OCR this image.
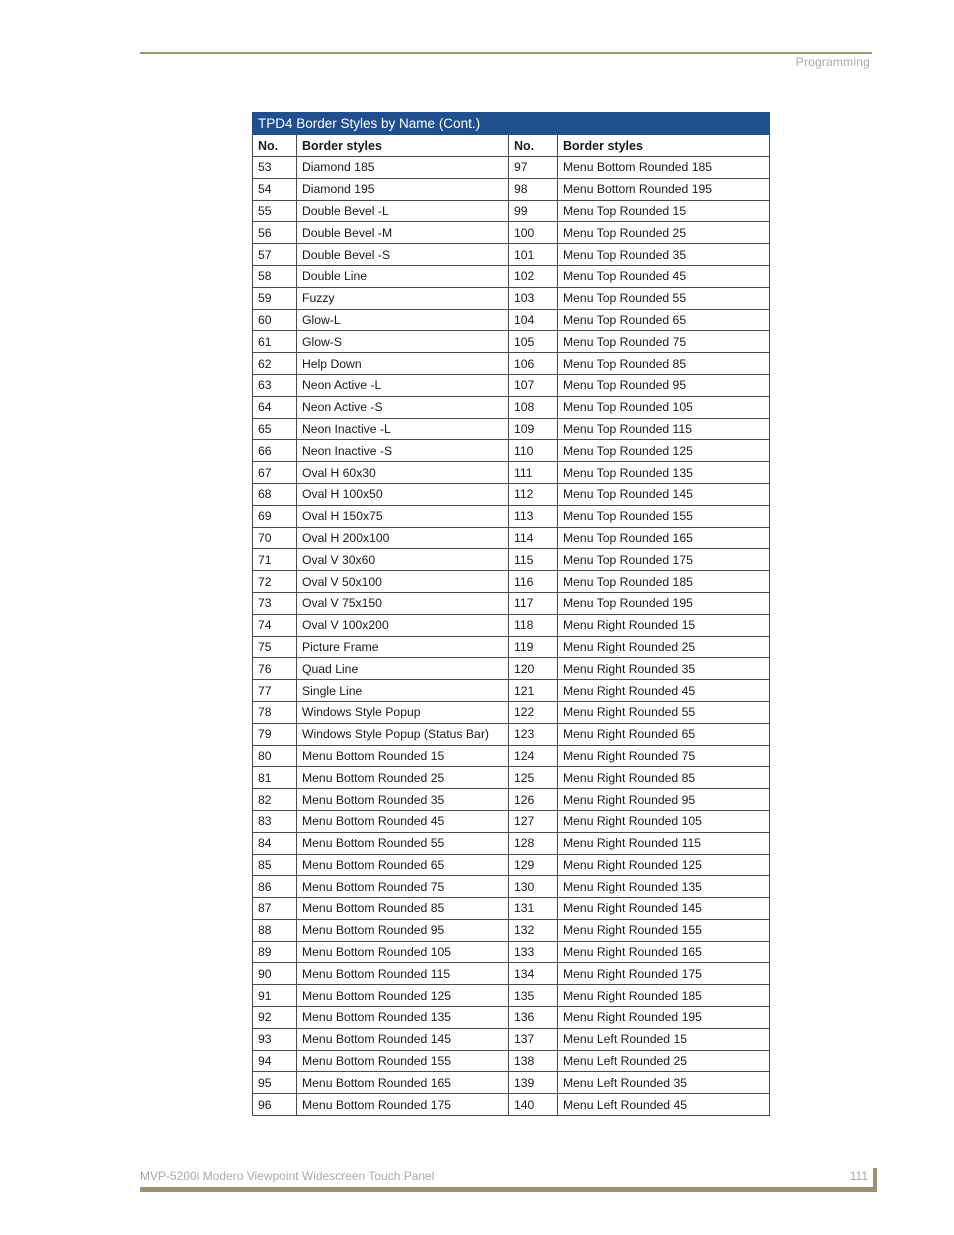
Programming
TPD4 Border Styles by Name (Cont.)			
No.	Border styles	No.	Border styles
53	Diamond 185	97	Menu Bottom Rounded 185
54	Diamond 195	98	Menu Bottom Rounded 195
55	Double Bevel -L	99	Menu Top Rounded 15
56	Double Bevel -M	100	Menu Top Rounded 25
57	Double Bevel -S	101	Menu Top Rounded 35
58	Double Line	102	Menu Top Rounded 45
59	Fuzzy	103	Menu Top Rounded 55
60	Glow-L	104	Menu Top Rounded 65
61	Glow-S	105	Menu Top Rounded 75
62	Help Down	106	Menu Top Rounded 85
63	Neon Active -L	107	Menu Top Rounded 95
64	Neon Active -S	108	Menu Top Rounded 105
65	Neon Inactive -L	109	Menu Top Rounded 115
66	Neon Inactive -S	110	Menu Top Rounded 125
67	Oval H 60x30	111	Menu Top Rounded 135
68	Oval H 100x50	112	Menu Top Rounded 145
69	Oval H 150x75	113	Menu Top Rounded 155
70	Oval H 200x100	114	Menu Top Rounded 165
71	Oval V 30x60	115	Menu Top Rounded 175
72	Oval V 50x100	116	Menu Top Rounded 185
73	Oval V 75x150	117	Menu Top Rounded 195
74	Oval V 100x200	118	Menu Right Rounded 15
75	Picture Frame	119	Menu Right Rounded 25
76	Quad Line	120	Menu Right Rounded 35
77	Single Line	121	Menu Right Rounded 45
78	Windows Style Popup	122	Menu Right Rounded 55
79	Windows Style Popup (Status Bar)	123	Menu Right Rounded 65
80	Menu Bottom Rounded 15	124	Menu Right Rounded 75
81	Menu Bottom Rounded 25	125	Menu Right Rounded 85
82	Menu Bottom Rounded 35	126	Menu Right Rounded 95
83	Menu Bottom Rounded 45	127	Menu Right Rounded 105
84	Menu Bottom Rounded 55	128	Menu Right Rounded 115
85	Menu Bottom Rounded 65	129	Menu Right Rounded 125
86	Menu Bottom Rounded 75	130	Menu Right Rounded 135
87	Menu Bottom Rounded 85	131	Menu Right Rounded 145
88	Menu Bottom Rounded 95	132	Menu Right Rounded 155
89	Menu Bottom Rounded 105	133	Menu Right Rounded 165
90	Menu Bottom Rounded 115	134	Menu Right Rounded 175
91	Menu Bottom Rounded 125	135	Menu Right Rounded 185
92	Menu Bottom Rounded 135	136	Menu Right Rounded 195
93	Menu Bottom Rounded 145	137	Menu Left Rounded 15
94	Menu Bottom Rounded 155	138	Menu Left Rounded 25
95	Menu Bottom Rounded 165	139	Menu Left Rounded 35
96	Menu Bottom Rounded 175	140	Menu Left Rounded 45
MVP-5200i Modero Viewpoint Widescreen Touch Panel	111
